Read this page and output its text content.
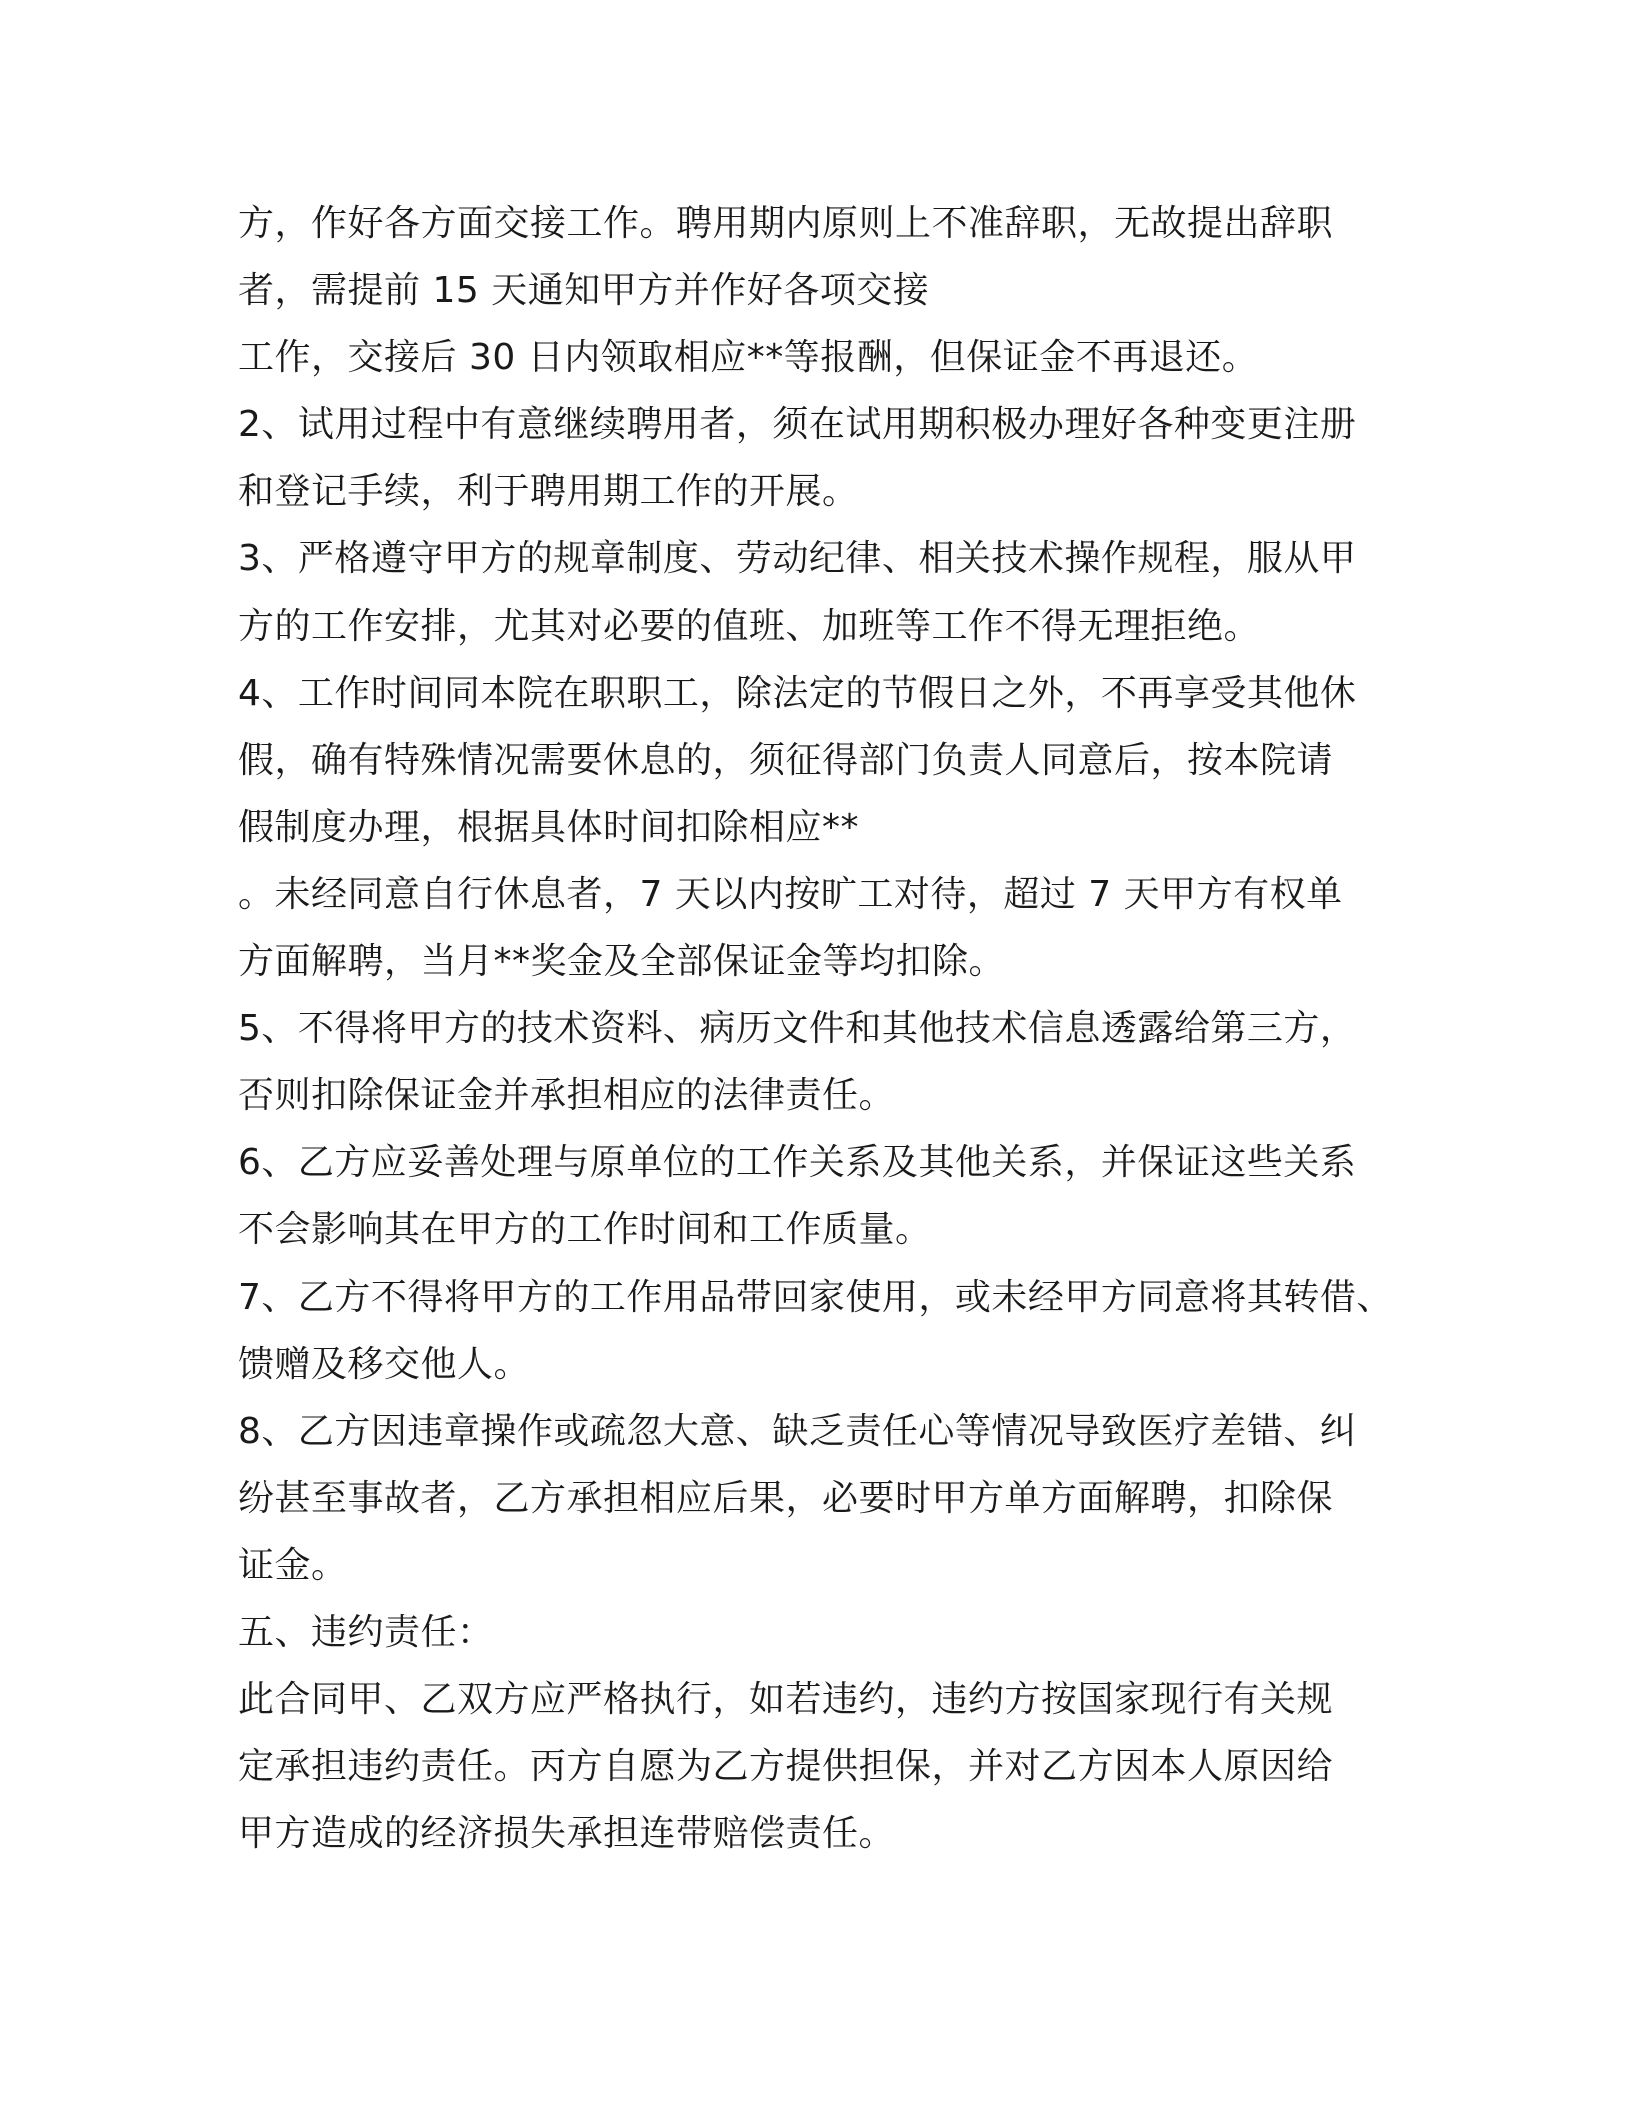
方，作好各方面交接工作。聘用期内原则上不准辞职，无故提出辞职
者，需提前 15 天通知甲方并作好各项交接
工作，交接后 30 日内领取相应**等报酬，但保证金不再退还。
2、试用过程中有意继续聘用者，须在试用期积极办理好各种变更注册
和登记手续，利于聘用期工作的开展。
3、严格遵守甲方的规章制度、劳动纪律、相关技术操作规程，服从甲
方的工作安排，尤其对必要的值班、加班等工作不得无理拒绝。
4、工作时间同本院在职职工，除法定的节假日之外，不再享受其他休
假，确有特殊情况需要休息的，须征得部门负责人同意后，按本院请
假制度办理，根据具体时间扣除相应**
。未经同意自行休息者，7 天以内按旷工对待，超过 7 天甲方有权单
方面解聘，当月**奖金及全部保证金等均扣除。
5、不得将甲方的技术资料、病历文件和其他技术信息透露给第三方，
否则扣除保证金并承担相应的法律责任。
6、乙方应妥善处理与原单位的工作关系及其他关系，并保证这些关系
不会影响其在甲方的工作时间和工作质量。
7、乙方不得将甲方的工作用品带回家使用，或未经甲方同意将其转借、
馈赠及移交他人。
8、乙方因违章操作或疏忽大意、缺乏责任心等情况导致医疗差错、纠
纷甚至事故者，乙方承担相应后果，必要时甲方单方面解聘，扣除保
证金。
五、违约责任：
此合同甲、乙双方应严格执行，如若违约，违约方按国家现行有关规
定承担违约责任。丙方自愿为乙方提供担保，并对乙方因本人原因给
甲方造成的经济损失承担连带赔偿责任。
